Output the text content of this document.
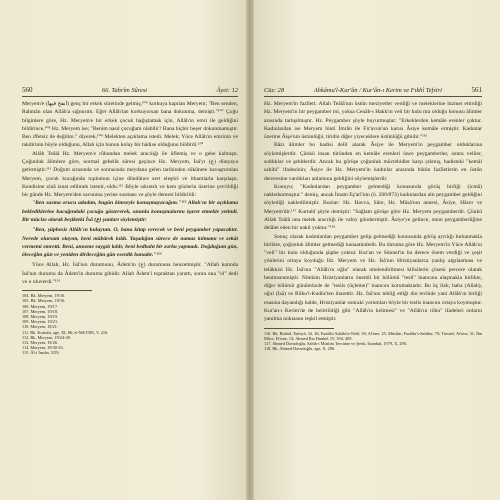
560	66. Tahrîm Sûresi	Âyet: 12

Meryem'e (انفخ فيها) genç bir erkek sûretinde gelmiş,¹⁰⁶ korkuya kapılan Meryem; "Ben senden, Rahmân olan Allâh'a sığınırım. Eğer Allâh'tan korkuyorsan bana dokunma, demişti."¹⁰⁷ Çoğu bilginlere göre, Hz. Meryem'e bir erkek çocuk bağışlamak için, Allâh'ın emri ile geldiğini bildirince,¹⁰⁸ Hz. Meryem ise; "Benim nasıl çocuğum olabilir? Bana hiçbir beşer dokunmamıştır. Ben iffetsiz de değilim." diyerek,¹⁰⁹ Melekten açıklama istedi. Melek; Yüce Allâh'ın emrinin ve takdirinin böyle olduğunu, Allah için bunun kolay bir hâdise olduğunu bildirdi.¹¹⁰

Allâh Teâlâ Hz. Meryem'e rûhundan melek aracılığı ile üflemiş ve o gebe kalmıştı. Çoğunluk âlimlere göre, normal gebelik süresi geçince Hz. Meryem, İsâ'yı (ع) dünyaya getirmiştir.¹¹¹ Doğum sırasında ve sonrasında meydana gelen tarihinden sükûnete kavuşturulan Meryem, çocuk kucağında toplumun içine döndünce sert eleştiri ve ithamlarla karşılaştı. Kendisine zinâ isnat edilmek istenir,-oldu.¹¹² Böyle sıkıntılı ve kem gözlerin üzerine çevrildiği bir günde Hz. Meryem'den savunma yerine susması ve şöyle demesi bildirildi:

"Ben susma orucu adadım, bugün kimseyle konuşmayacağım."¹¹³ Allah'ın bir açıklama beklediklerine kucağındaki çocuğu göstererek, onunla konuşmalarını işaret etmekle yetindi. Bir mûcize olarak beşikteki İsâ (ع) şunları söylemiştir:

"Ben, şüphesiz Allâh'ın kuluyum. O, bana kitap verecek ve beni peygamber yapacaktır. Nerede olursam olayım, beni mübârek kıldı. Yaşadığım sürece de namaz kılmamı ve zekât vermemi emretti. Beni, anneme saygılı kıldı; beni bedbaht bir zorba yapmadı. Doğduğum gün, öleceğim gün ve yeniden dirileceğim gün esenlik banadır."¹¹⁴

Yüce Allah, Hz. İsâ'nın durumunu, Âdem'in (ع) durumuna benzetmiştir. "Allah katında İsâ'nın durumu da Âdem'in durumu gibidir. Allah Âdem'i topraktan yarattı, sonra ona "ol" dedi ve o oluverdi."¹¹⁵

104. Bk. Meryem, 19/16.
105. Bk. Meryem, 19/16.
106. Meryem, 19/17.
107. Meryem, 19/18.
108. Meryem, 19/19.
109. Meryem, 19/21.
110. Meryem, 19/21.
111. Bk. Kurtubi, age, XI, 86; el-Mâ'1985, V, 216.
112. Bk. Meryem, 19/24-28.
113. Meryem, 19/26.
114. Meryem, 19/30-33.
115. Âl-i İmrân, 3/59.
Cüz: 28	Ahkâmu'l-Kur'ân / Kur'ân-ı Kerim ve Fıkhî Tefsiri	561

Hz. Meryem'in fazîleti: Allah Teâlâ'nın üstün meziyetler verdiği ve meleklerine hizmet ettirdiği Hz. Meryem'in bir peygamber mi, yoksa Cenâb-ı Hakk'ın veli bir kulu mu olduğu konusu âlimler arasında tartışılmıştır. Hz. Peygamber şöyle buyurmuştur: "Erkeklerden kemâle erenler çoktur. Kadınlardan ise Meryem binti İmrân ile Fir'avun'un karısı Âsiye kemâle ermiştir. Kadınlar üzerine Âişe'nin üstünlüğü, tiridin diğer yiyeceklere üstünlüğü gibidir."¹¹⁶

Bâzı âlimler bu hadisi delil alarak Âsiye ile Meryem'in peygamber olduklarına söylemişlerdir. Çünkü insan türünden en kemâle erenleri önce peygamberler, sonra veliler, sıddıklar ve şehitlerdir. Ancak bu görüşe çoğunluk müctehidler karşı çıkmış, hadisteki "kemâl sahibi" ifadesinin; Âsiye ile Hz. Meryem'in kadınlar arasında bütün fazîletlerin en üstün derecesine vardıkları anlamına geldiğini söylemişlerdir.

Konuyu; "Kadınlardan peygamber gelmediği konusunda görüş birliği (icmâ) nakledunmuştur." demiş, ancak İmam Eş'arî'nin (ö. 260/873) kadınlardan altı peygamber geldiğini söylediği nakledilmiştir. Bunlar: Hz. Havva, Sâre, Hz. Mûsâ'nın annesi, Âsiye, Hâcer ve Meryem'dir.¹¹⁷ Kurtubî şöyle demiştir: "Sağlam görüşe göre Hz. Meryem peygamberdir. Çünkü Allah Teâlâ ona melek aracılığı ile vahiy göndermiştir. Âsiye'ye gelince, onun peygamberliğine delâlet eden bir nakil yoktur."¹¹⁸

Sonuç olarak kadınlardan peygamber gelip gelmediği konusunda görüş ayrılığı bulunmakla birlikte, çoğunluk âlimler gelmediği kanaatindedir. Bu duruma göre Hz. Meryem'in Yüce Allâh'ın "veli" bir kulu olduğunda şüphe yoktur. Kur'an ve Sünnet'in bu derece önem verdiği ve çeşit yönlerini ortaya koyduğu Hz. Meryem ve Hz. İsâ'nın Hristiyanlarca yanlış algılanması ve telâkkisi Hz. İsâ'nın "Allâh'ın oğlu" olarak nitelendirilmesi kilisilerin çöseni percere olarak benimsenmiştir. Nitekim Hristiyanların önemli bir bölümü "tesli" inancına ulaşmakla birlikte, diğer bölümü günümüzde de "teslis (üçleme)" inancını korumaktadır. Bu üç ilah; baba (Allah), oğul (İsâ) ve Rûhu'l-Kudüs'ten ibarettir. Hz. İsâ'nın tebliğ ettiği din tevhide yani Allâh'ın birliği esasına dayandığı halde, Hristiyanlar sonraki yorumları böyle bir teslis inancını ortaya koymuştur. Kur'an-ı Kerim'de de belirtildiği gibi "Allâh'ın kelimesi" ve "Allâh'ın rûhu" ifadeleri onların yanılma noktasını teşkil etmiştir.

116. Bk. Buhârî, Enbiyâ, 32, 46, Fazâilü Ashâbi'n-Nebî, 30; Al'ime, 25; Müslim, Fazâilu's-Sahâbe, 70; Tirmizî, At'ime, 31; İbn Mâce, Et'ime, 14; Ahmed İbn Hanbel, IV, 394, 409.
117. Ahmed Davudoğlu, Sahih-i Müslim Tercüme ve Şerhi, İstanbul, 1979, X, 296.
118. Bk. Ahmed Davudoğlu, age, X, 296.
